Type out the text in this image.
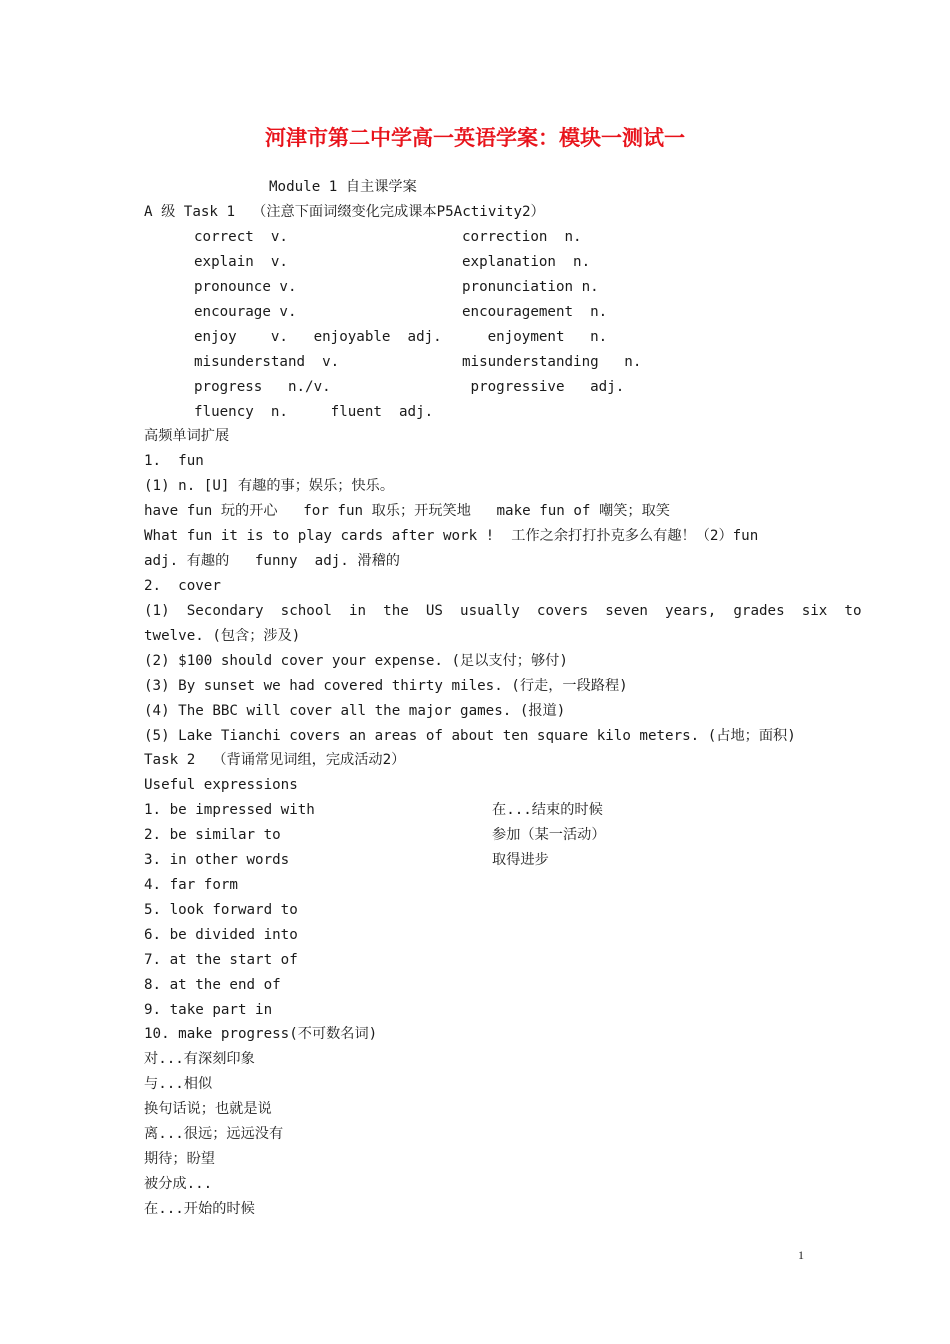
河津市第二中学高一英语学案：模块一测试一
Module 1 自主课学案
A 级 Task 1  （注意下面词缀变化完成课本P5Activity2）
correct  v.	correction  n.
explain  v.	explanation  n.
pronounce v.	pronunciation n.
encourage v.	encouragement  n.
enjoy    v.   enjoyable  adj. enjoyment   n.
misunderstand  v.	misunderstanding   n.
progress   n./v.	progressive   adj.
fluency  n.     fluent  adj.
高频单词扩展
1.  fun
(1) n. [U] 有趣的事；娱乐；快乐。
have fun 玩的开心   for fun 取乐；开玩笑地   make fun of 嘲笑；取笑
What fun it is to play cards after work !  工作之余打打扑克多么有趣！（2）fun
adj. 有趣的   funny  adj. 滑稽的
2.  cover
(1)  Secondary  school  in  the  US  usually  covers  seven  years,  grades  six  to
twelve. (包含；涉及)
(2) $100 should cover your expense. (足以支付；够付)
(3) By sunset we had covered thirty miles. (行走，一段路程)
(4) The BBC will cover all the major games. (报道)
(5) Lake Tianchi covers an areas of about ten square kilo meters. (占地；面积)
Task 2  （背诵常见词组，完成活动2）
Useful expressions
1. be impressed with	在...结束的时候
2. be similar to	参加（某一活动）
3. in other words	取得进步
4. far form
5. look forward to
6. be divided into
7. at the start of
8. at the end of
9. take part in
10. make progress(不可数名词)
对...有深刻印象
与...相似
换句话说；也就是说
离...很远；远远没有
期待；盼望
被分成...
在...开始的时候
1
